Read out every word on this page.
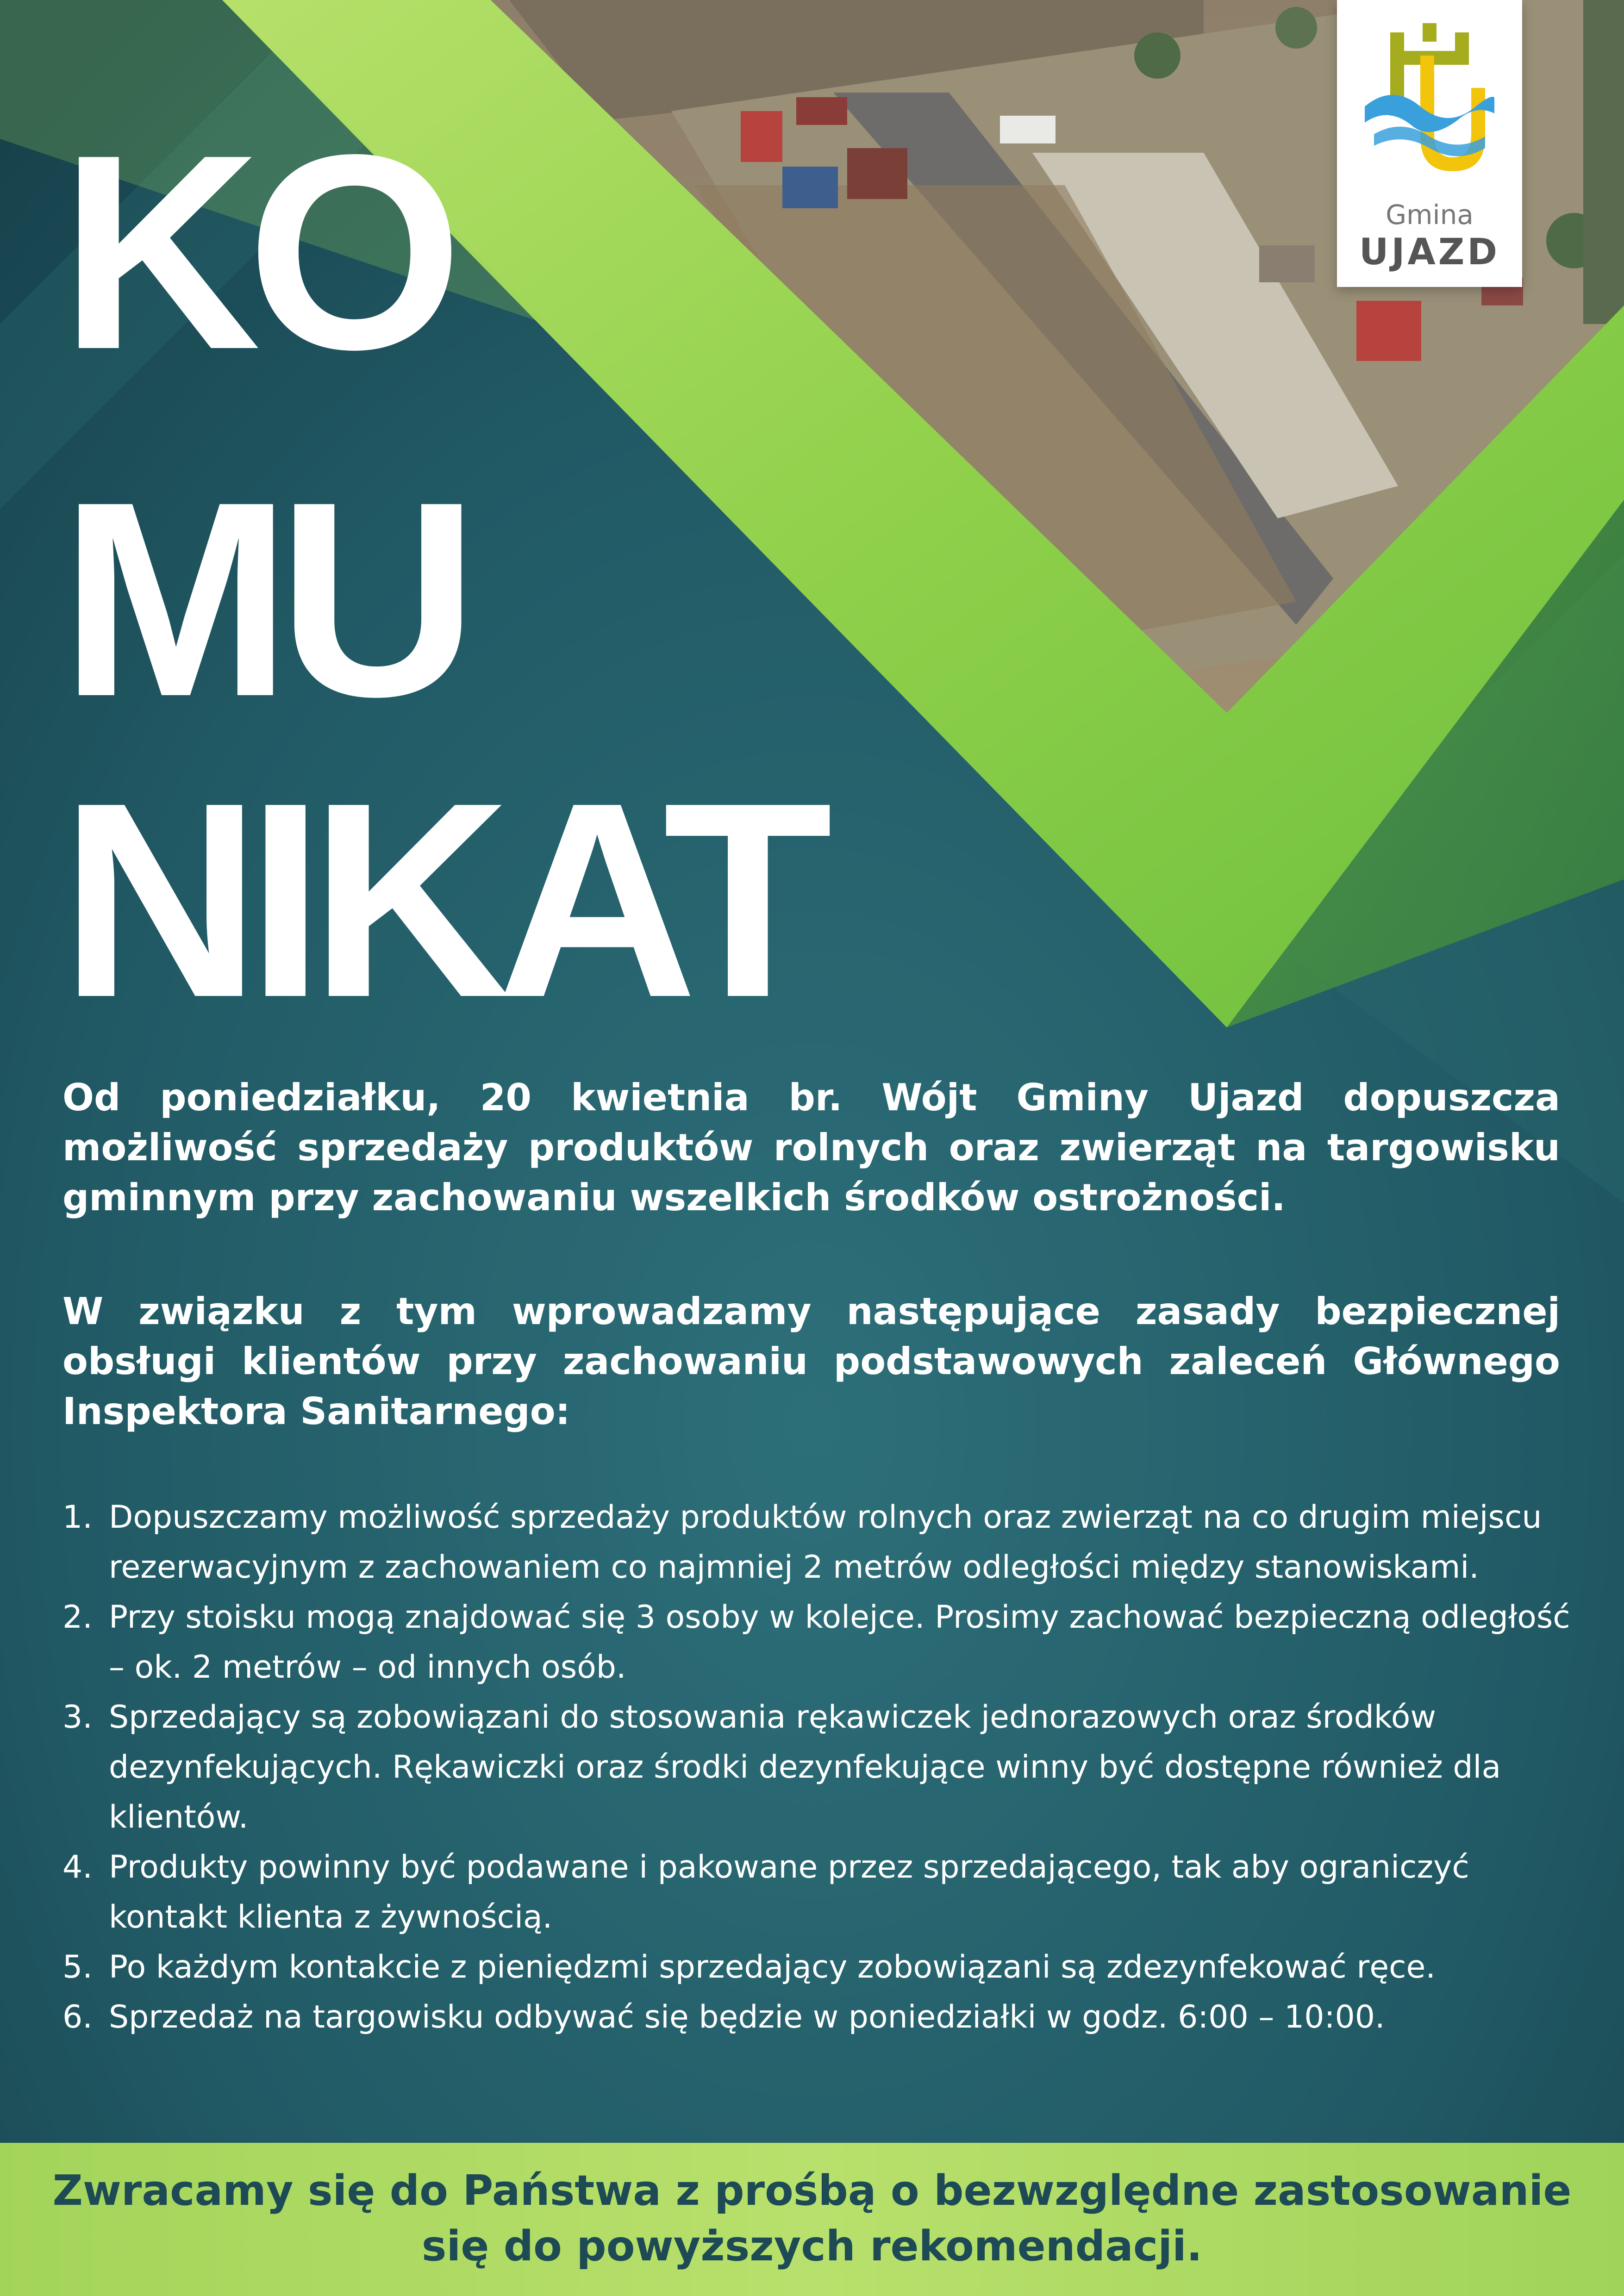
KO
MU
NIKAT
Gmina
UJAZD

Od poniedziałku, 20 kwietnia br. Wójt Gminy Ujazd dopuszcza możliwość sprzedaży produktów rolnych oraz zwierząt na targowisku gminnym przy zachowaniu wszelkich środków ostrożności.

W związku z tym wprowadzamy następujące zasady bezpiecznej obsługi klientów przy zachowaniu podstawowych zaleceń Głównego Inspektora Sanitarnego:

1. Dopuszczamy możliwość sprzedaży produktów rolnych oraz zwierząt na co drugim miejscu rezerwacyjnym z zachowaniem co najmniej 2 metrów odległości między stanowiskami.
2. Przy stoisku mogą znajdować się 3 osoby w kolejce. Prosimy zachować bezpieczną odległość – ok. 2 metrów – od innych osób.
3. Sprzedający są zobowiązani do stosowania rękawiczek jednorazowych oraz środków dezynfekujących. Rękawiczki oraz środki dezynfekujące winny być dostępne również dla klientów.
4. Produkty powinny być podawane i pakowane przez sprzedającego, tak aby ograniczyć kontakt klienta z żywnością.
5. Po każdym kontakcie z pieniędzmi sprzedający zobowiązani są zdezynfekować ręce.
6. Sprzedaż na targowisku odbywać się będzie w poniedziałki w godz. 6:00 – 10:00.

Zwracamy się do Państwa z prośbą o bezwzględne zastosowanie

się do powyższych rekomendacji.
